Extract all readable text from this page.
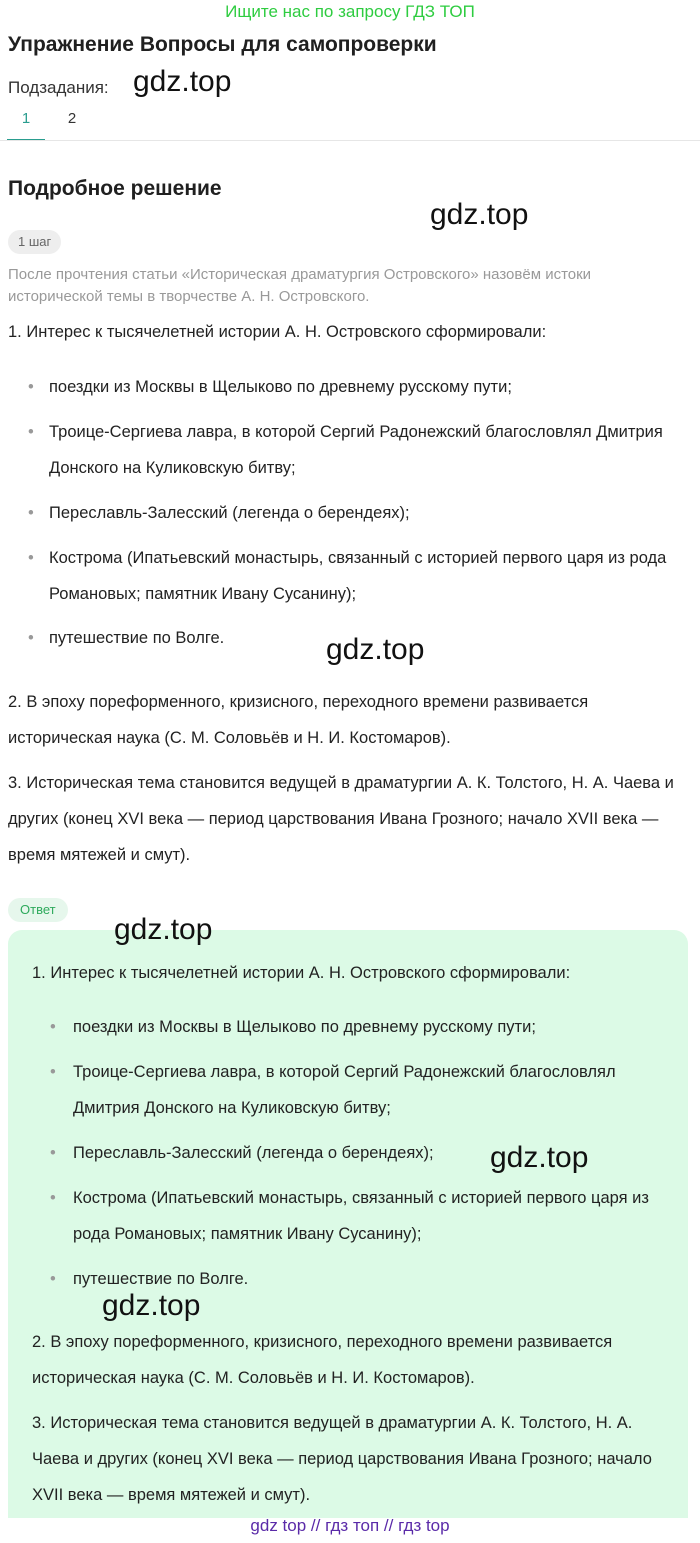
Ищите нас по запросу ГДЗ ТОП
Упражнение Вопросы для самопроверки
Подзадания: gdz.top
1	2
Подробное решение
gdz.top
1 шаг
После прочтения статьи «Историческая драматургия Островского» назовём истоки исторической темы в творчестве А. Н. Островского.
1. Интерес к тысячелетней истории А. Н. Островского сформировали:
• поездки из Москвы в Щелыково по древнему русскому пути;
• Троице-Сергиева лавра, в которой Сергий Радонежский благословлял Дмитрия Донского на Куликовскую битву;
• Переславль-Залесский (легенда о берендеях);
• Кострома (Ипатьевский монастырь, связанный с историей первого царя из рода Романовых; памятник Ивану Сусанину);
• путешествие по Волге.	gdz.top
2. В эпоху пореформенного, кризисного, переходного времени развивается историческая наука (С. М. Соловьёв и Н. И. Костомаров).
3. Историческая тема становится ведущей в драматургии А. К. Толстого, Н. А. Чаева и других (конец XVI века — период царствования Ивана Грозного; начало XVII века — время мятежей и смут).
Ответ
gdz.top
1. Интерес к тысячелетней истории А. Н. Островского сформировали:
•	поездки из Москвы в Щелыково по древнему русскому пути;
•	Троице-Сергиева лавра, в которой Сергий Радонежский благословлял Дмитрия Донского на Куликовскую битву;
•	Переславль-Залесский (легенда о берендеях);	gdz.top
•	Кострома (Ипатьевский монастырь, связанный с историей первого царя из рода Романовых; памятник Ивану Сусанину);
•	путешествие по Волге.
gdz.top
2. В эпоху пореформенного, кризисного, переходного времени развивается историческая наука (С. М. Соловьёв и Н. И. Костомаров).
3. Историческая тема становится ведущей в драматургии А. К. Толстого, Н. А. Чаева и других (конец XVI века — период царствования Ивана Грозного; начало XVII века — время мятежей и смут).
gdz top // гдз топ // гдз top
